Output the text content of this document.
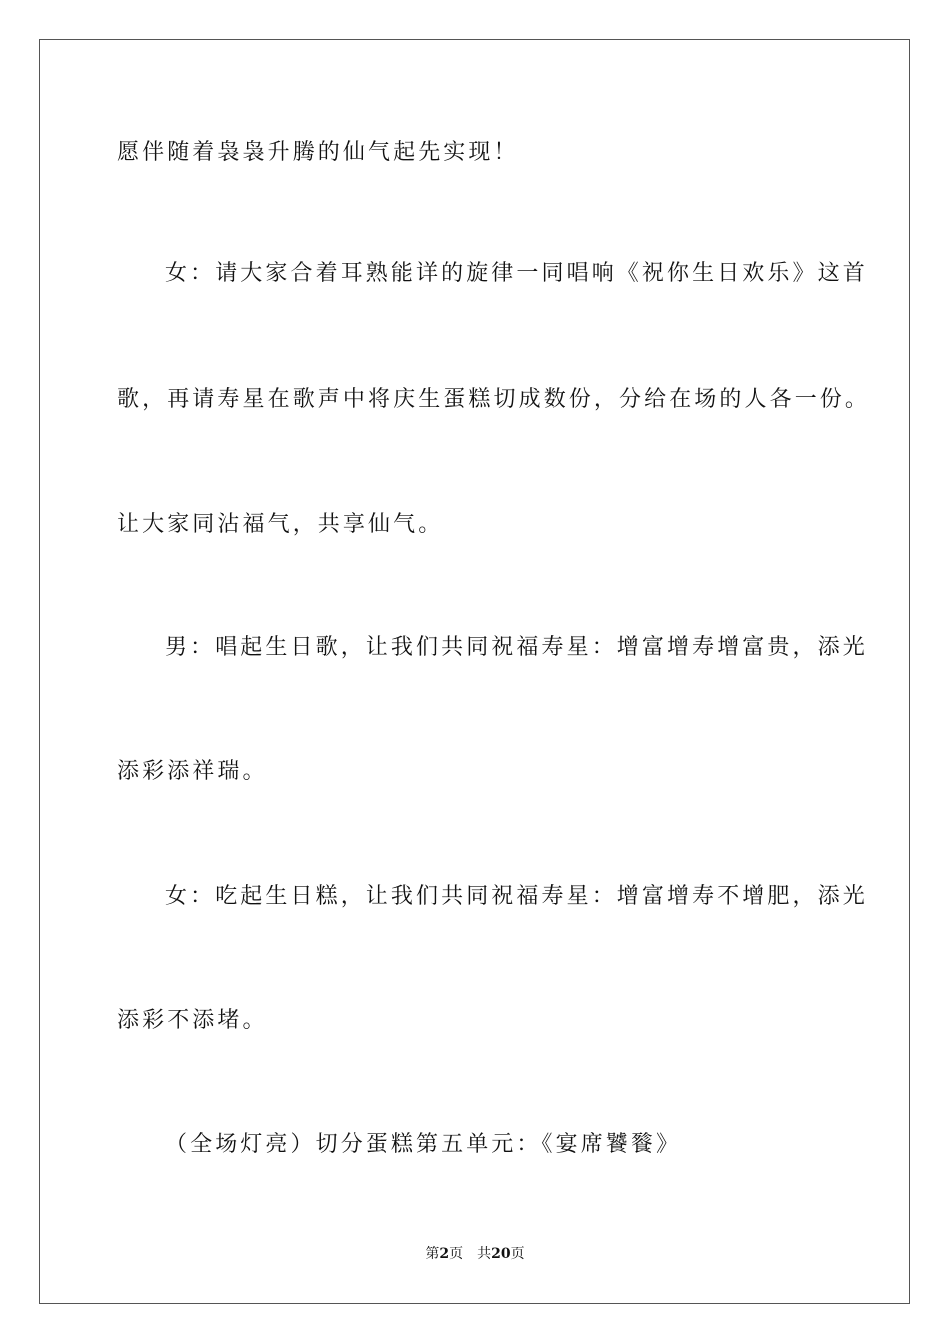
愿伴随着袅袅升腾的仙气起先实现！
女：请大家合着耳熟能详的旋律一同唱响《祝你生日欢乐》这首
歌，再请寿星在歌声中将庆生蛋糕切成数份，分给在场的人各一份。
让大家同沾福气，共享仙气。
男：唱起生日歌，让我们共同祝福寿星：增富增寿增富贵，添光
添彩添祥瑞。
女：吃起生日糕，让我们共同祝福寿星：增富增寿不增肥，添光
添彩不添堵。
（全场灯亮）切分蛋糕第五单元：《宴席饕餮》
第2页 共20页
